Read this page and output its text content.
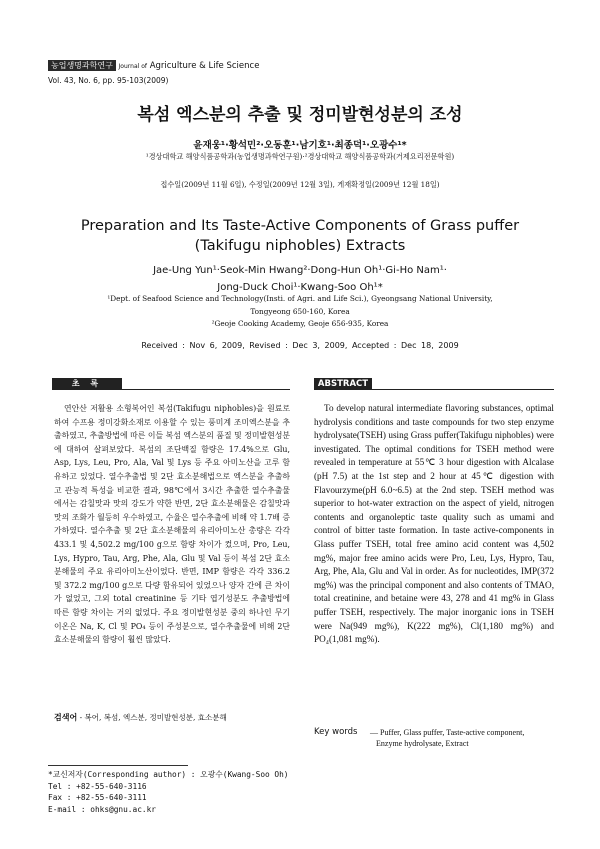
농업생명과학연구 Journal of Agriculture & Life Science
Vol. 43, No. 6, pp. 95-103(2009)
복섬 엑스분의 추출 및 정미발현성분의 조성
윤재웅¹·황석민²·오동훈¹·남기호¹·최종덕¹·오광수¹*
¹경상대학교 해양식품공학과(농업생명과학연구원)·²경상대학교 해양식품공학과(거제요리전문학원)
접수일(2009년 11월 6일), 수정일(2009년 12월 3일), 게재확정일(2009년 12월 18일)
Preparation and Its Taste-Active Components of Grass puffer
(Takifugu niphobles) Extracts
Jae-Ung Yun¹·Seok-Min Hwang²·Dong-Hun Oh¹·Gi-Ho Nam¹·
Jong-Duck Choi¹·Kwang-Soo Oh¹*
¹Dept. of Seafood Science and Technology(Insti. of Agri. and Life Sci.), Gyeongsang National University,
Tongyeong 650-160, Korea
²Geoje Cooking Academy, Geoje 656-935, Korea
Received : Nov 6, 2009, Revised : Dec 3, 2009, Accepted : Dec 18, 2009
초 록	ABSTRACT

연안산 저활용 소형복어인 복섬(Takifugu niphobles)을 원료로 하여 수프용 정미강화소재로 이용할 수 있는 풍미계 조미엑스분을 추출하였고, 추출방법에 따른 이들 복섬 엑스분의 품질 및 정미발현성분에 대하여 살펴보았다. 복섬의 조단백질 함량은 17.4%으로 Glu, Asp, Lys, Leu, Pro, Ala, Val 및 Lys 등 주요 아미노산을 고루 함유하고 있었다. 열수추출법 및 2단 효소분해법으로 엑스분을 추출하고 관능적 특성을 비교한 결과, 98℃에서 3시간 추출한 열수추출물에서는 감칠맛과 맛의 강도가 약한 반면, 2단 효소분해물은 감칠맛과 맛의 조화가 월등히 우수하였고, 수율은 열수추출에 비해 약 1.7배 증가하였다. 열수추출 및 2단 효소분해물의 유리아미노산 총량은 각각 433.1 및 4,502.2 mg/100 g으로 함량 차이가 컸으며, Pro, Leu, Lys, Hypro, Tau, Arg, Phe, Ala, Glu 및 Val 등이 복섬 2단 효소분해물의 주요 유리아미노산이었다. 반면, IMP 함량은 각각 336.2 및 372.2 mg/100 g으로 다량 함유되어 있었으나 양자 간에 큰 차이가 없었고, 그외 total creatinine 등 기타 엽기성분도 추출방법에 따른 함량 차이는 거의 없었다. 주요 정미발현성분 중의 하나인 무기이온은 Na, K, Cl 및 PO₄ 등이 주성분으로, 열수추출물에 비해 2단 효소분해물의 함량이 훨씬 많았다.

To develop natural intermediate flavoring substances, optimal hydrolysis conditions and taste compounds for two step enzyme hydrolysate(TSEH) using Grass puffer(Takifugu niphobles) were investigated. The optimal conditions for TSEH method were revealed in temperature at 55℃ 3 hour digestion with Alcalase (pH 7.5) at the 1st step and 2 hour at 45℃ digestion with Flavourzyme(pH 6.0~6.5) at the 2nd step. TSEH method was superior to hot-water extraction on the aspect of yield, nitrogen contents and organoleptic taste quality such as umami and control of bitter taste formation. In taste active-components in Glass puffer TSEH, total free amino acid content was 4,502 mg%, major free amino acids were Pro, Leu, Lys, Hypro, Tau, Arg, Phe, Ala, Glu and Val in order. As for nucleotides, IMP(372 mg%) was the principal component and also contents of TMAO, total creatinine, and betaine were 43, 278 and 41 mg% in Glass puffer TSEH, respectively. The major inorganic ions in TSEH were Na(949 mg%), K(222 mg%), Cl(1,180 mg%) and PO₄(1,081 mg%).

검색어 - 복어, 복섬, 엑스분, 정미발현성분, 효소분해
Key words — Puffer, Glass puffer, Taste-active component,
Enzyme hydrolysate, Extract
*교신저자(Corresponding author) : 오광수(Kwang-Soo Oh)
Tel : +82-55-640-3116
Fax : +82-55-640-3111
E-mail : ohks@gnu.ac.kr
